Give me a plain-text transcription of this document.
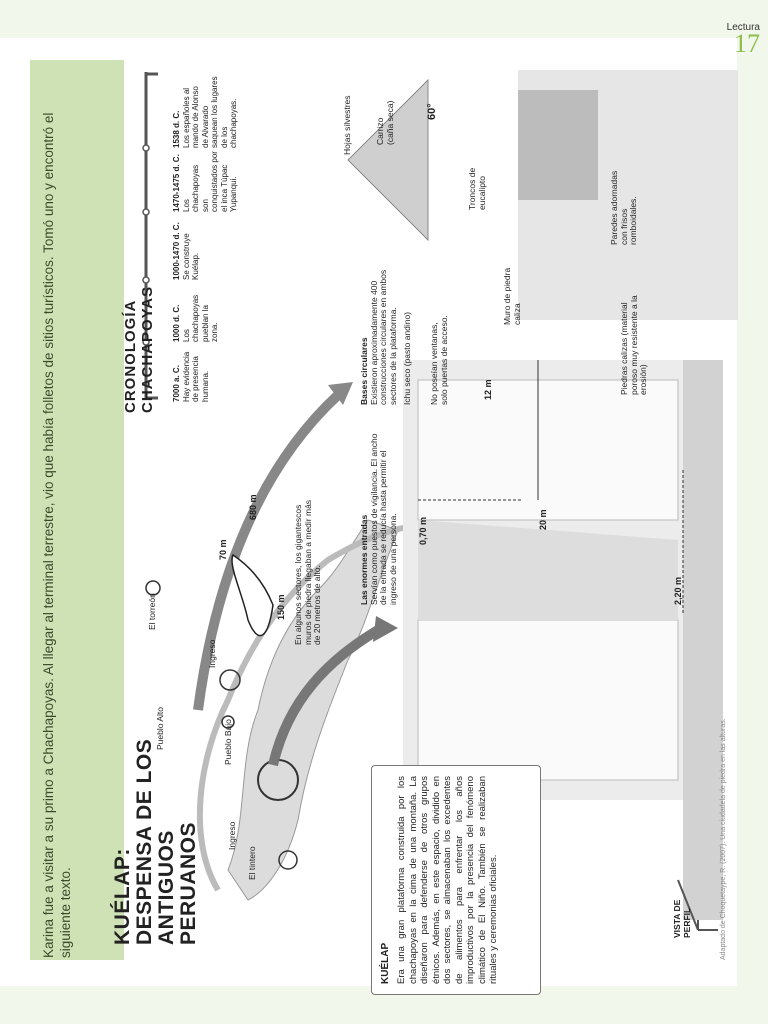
Lectura
17
Karina fue a visitar a su primo a Chachapoyas. Al llegar al terminal terrestre, vio que había folletos de sitios turísticos. Tomó uno y encontró el siguiente texto. KUÉLAP: DESPENSA DE LOS ANTIGUOS PERUANOS
CRONOLOGÍA CHACHAPOYAS 7000 a. C. Hay evidencia de presencia humana.
1000 d. C. Los chachapoyas pueblan la zona.
1000-1470 d. C. Se construye Kuélap.
1470-1475 d. C. Los chachapoyas son conquistados por el inca Túpac Yupanqui.
1538 d. C. Los españoles al mando de Alonso de Alvarado saquean los lugares de los chachapoyas.
Ingreso
El tintero
Pueblo Bajo
Pueblo Alto
El torreón
Ingreso
150 m
70 m
680 m	En algunos sectores, los gigantescos muros de piedra llegaban a medir más de 20 metros de alto.
KUÉLAP Era una gran plataforma construida por los chachapoyas en la cima de una montaña. La diseñaron para defenderse de otros grupos étnicos. Además, en este espacio, dividido en dos sectores, se almacenaban los excedentes de alimentos para enfrentar los años improductivos por la presencia del fenómeno climático de El Niño. También se realizaban rituales y ceremonias oficiales.
Las enormes entradas Servían como puestos de vigilancia. El ancho de la entrada se reducía hasta permitir el ingreso de una persona. 0,70 m	20 m
2,20 m
12 m
VISTA DE PERFIL
Bases circulares Existieron aproximadamente 400 construcciones circulares en ambos sectores de la plataforma.
Hojas silvestres	Carrizo (caña seca)	60°
Troncos de eucalipto
Ichu seco (pasto andino) No poseían ventanas, solo puertas de acceso.
Muro de piedra caliza	Piedras calizas (material poroso muy resistente a la erosión)
Paredes adornadas con frisos romboidales.
Adaptado de Choquetaype, R. (2007). Una ciudadela de piedra en las alturas.
